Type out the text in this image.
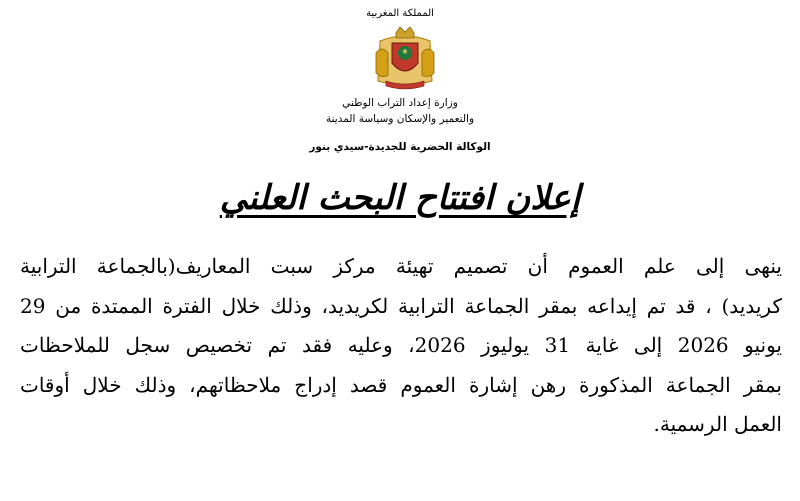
المملكة المغربية
وزارة إعداد التراب الوطني
والتعمير والإسكان وسياسة المدينة
الوكالة الحضرية للجديدة-سيدي بنور
إعلان افتتاح البحث العلني
ينهى إلى علم العموم أن تصميم تهيئة مركز سبت المعاريف(بالجماعة الترابية
كريديد) ، قد تم إيداعه بمقر الجماعة الترابية لكريديد، وذلك خلال الفترة الممتدة من 29
يونيو 2026 إلى غاية 31 يوليوز 2026، وعليه فقد تم تخصيص سجل للملاحظات
بمقر الجماعة المذكورة رهن إشارة العموم قصد إدراج ملاحظاتهم، وذلك خلال أوقات
العمل الرسمية.
